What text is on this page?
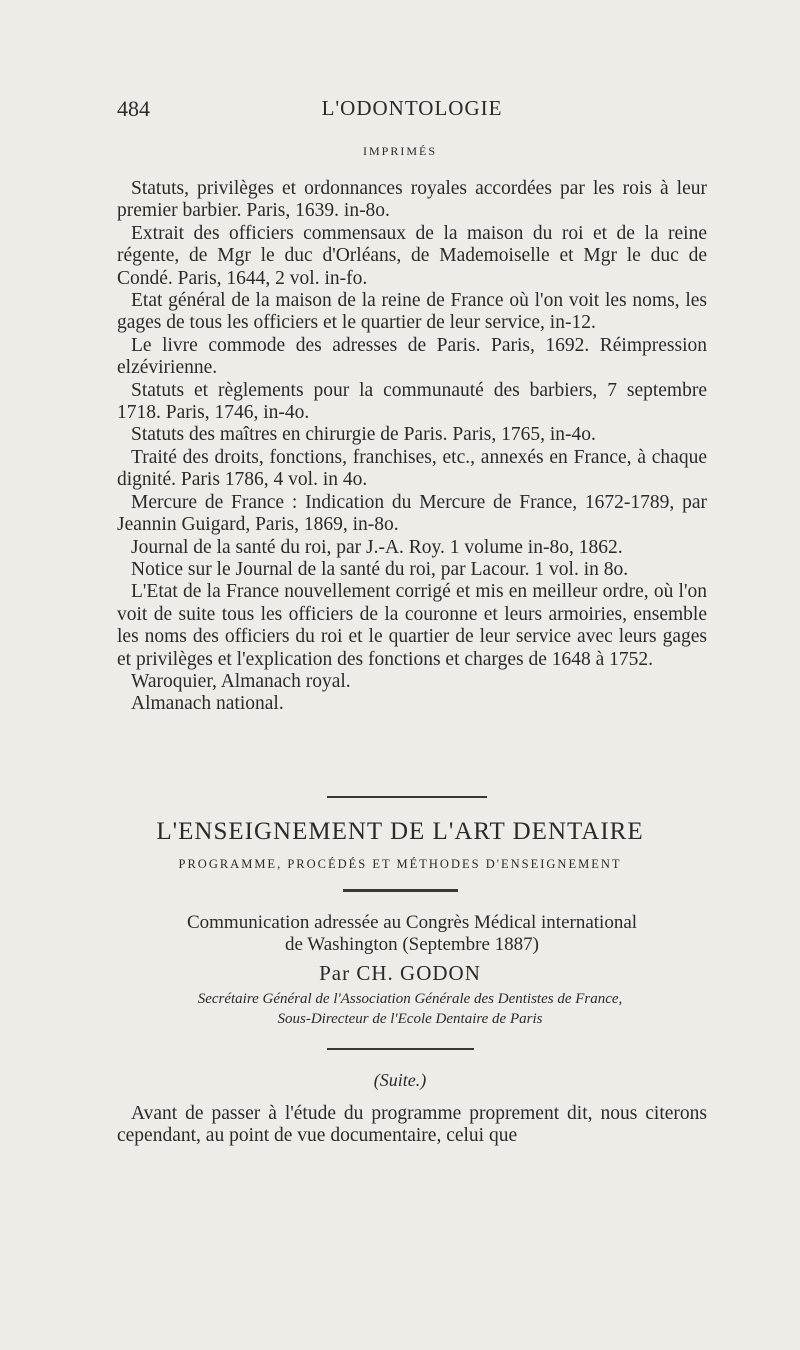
484	L'ODONTOLOGIE
IMPRIMÉS

Statuts, privilèges et ordonnances royales accordées par les rois à leur premier barbier. Paris, 1639. in-8o.

Extrait des officiers commensaux de la maison du roi et de la reine régente, de Mgr le duc d'Orléans, de Mademoiselle et Mgr le duc de Condé. Paris, 1644, 2 vol. in-fo.

Etat général de la maison de la reine de France où l'on voit les noms, les gages de tous les officiers et le quartier de leur service, in-12.

Le livre commode des adresses de Paris. Paris, 1692. Réimpression elzévirienne.

Statuts et règlements pour la communauté des barbiers, 7 septembre 1718. Paris, 1746, in-4o.

Statuts des maîtres en chirurgie de Paris. Paris, 1765, in-4o.

Traité des droits, fonctions, franchises, etc., annexés en France, à chaque dignité. Paris 1786, 4 vol. in 4o.

Mercure de France : Indication du Mercure de France, 1672-1789, par Jeannin Guigard, Paris, 1869, in-8o.

Journal de la santé du roi, par J.-A. Roy. 1 volume in-8o, 1862.

Notice sur le Journal de la santé du roi, par Lacour. 1 vol. in 8o.

L'Etat de la France nouvellement corrigé et mis en meilleur ordre, où l'on voit de suite tous les officiers de la couronne et leurs armoiries, ensemble les noms des officiers du roi et le quartier de leur service avec leurs gages et privilèges et l'explication des fonctions et charges de 1648 à 1752.

Waroquier, Almanach royal.

Almanach national.

L'ENSEIGNEMENT DE L'ART DENTAIRE
PROGRAMME, PROCÉDÉS ET MÉTHODES D'ENSEIGNEMENT
Communication adressée au Congrès Médical international
de Washington (Septembre 1887)
Par CH. GODON
Secrétaire Général de l'Association Générale des Dentistes de France,
Sous-Directeur de l'Ecole Dentaire de Paris
(Suite.)

Avant de passer à l'étude du programme proprement dit, nous citerons cependant, au point de vue documentaire, celui que
